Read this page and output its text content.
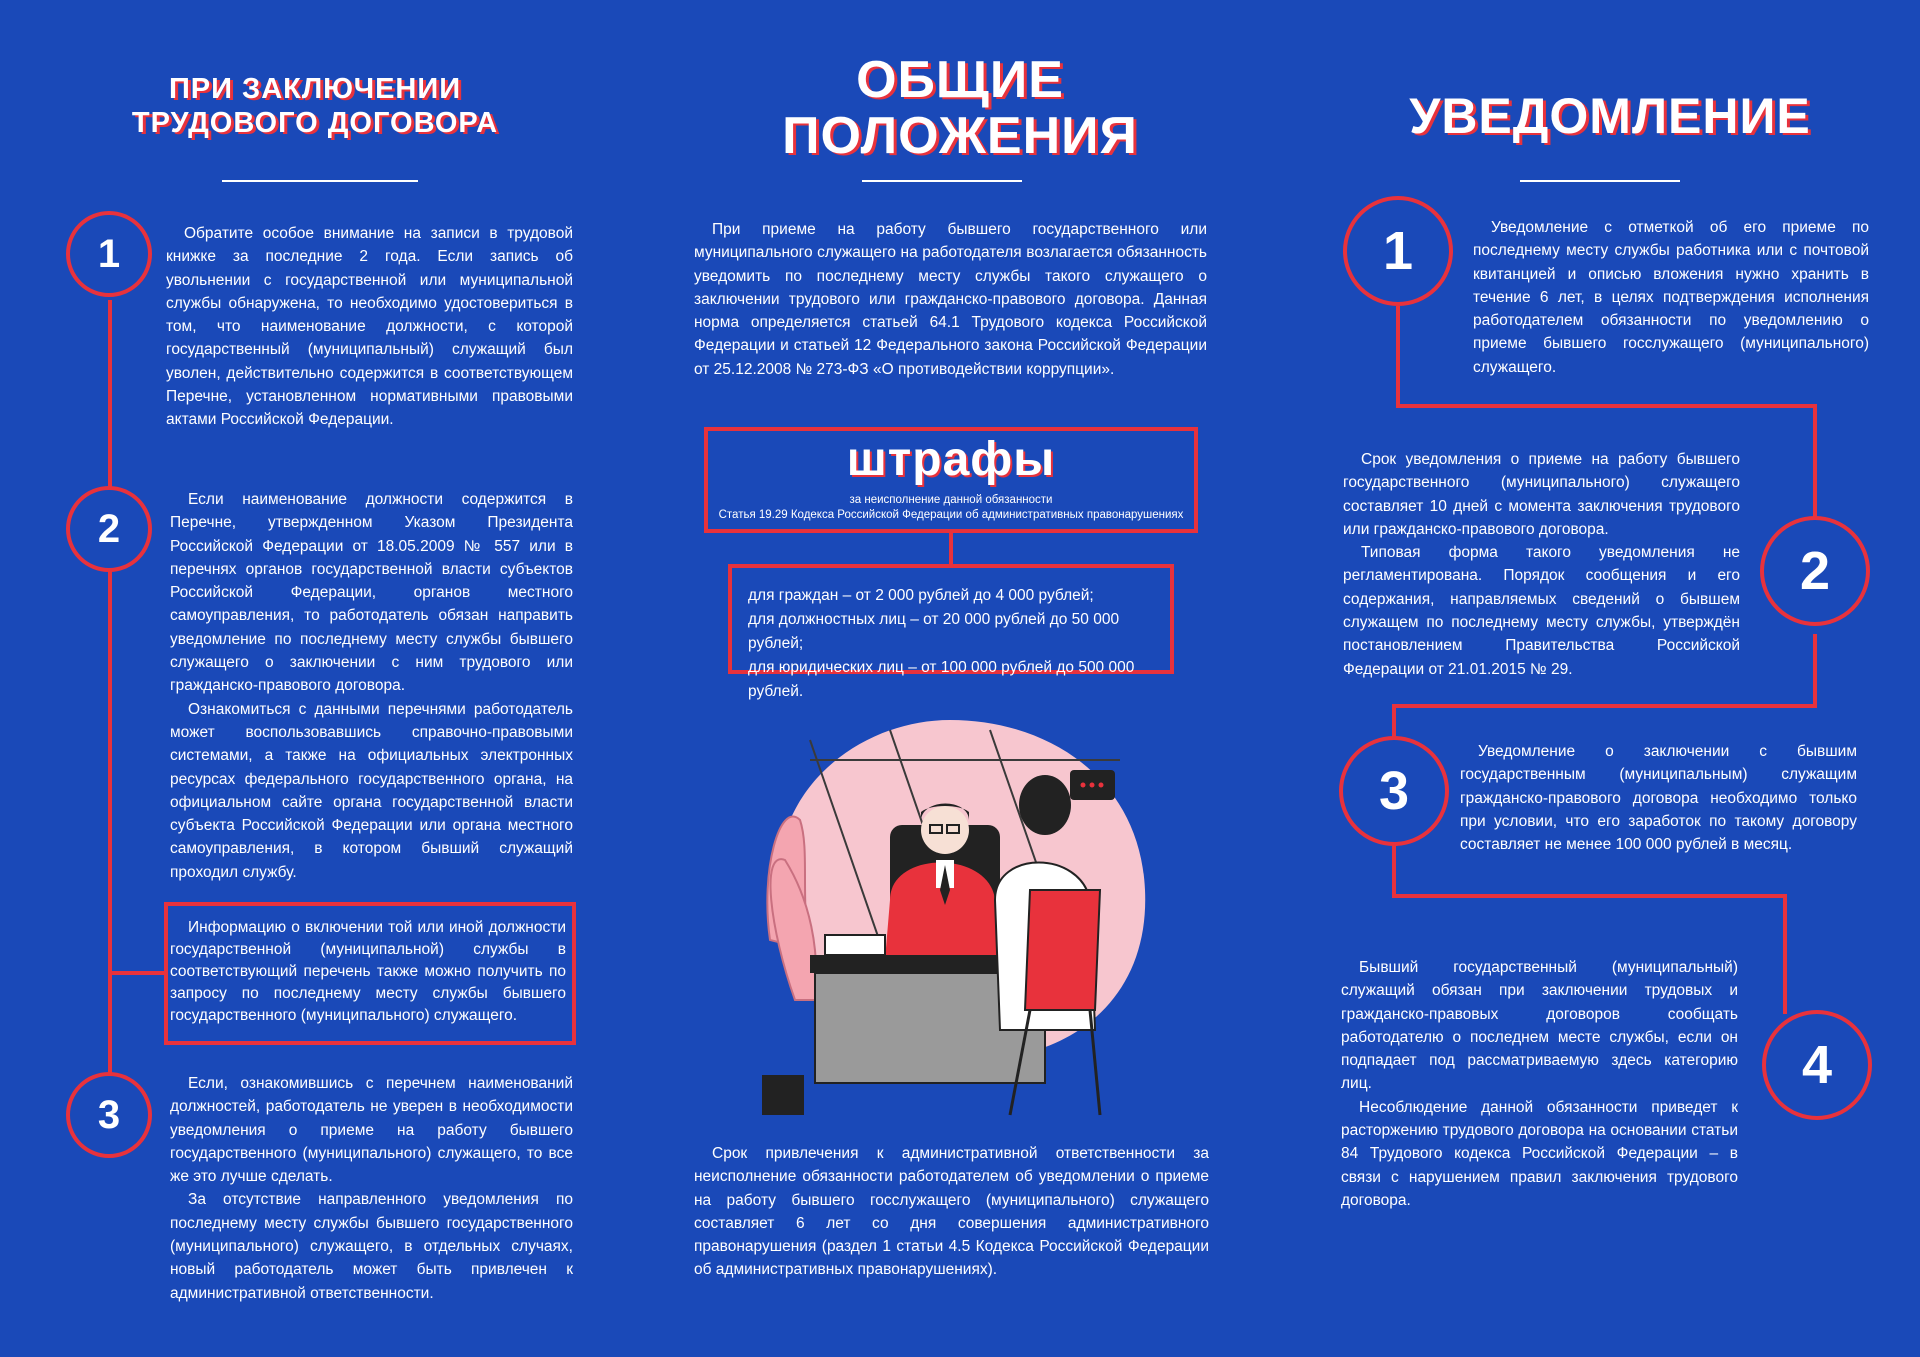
ПРИ ЗАКЛЮЧЕНИИ
ТРУДОВОГО ДОГОВОРА
1
2
3
Обратите особое внимание на записи в трудовой книжке за последние 2 года. Если запись об увольнении с государственной или муниципальной службы обнаружена, то необходимо удостовериться в том, что наименование должности, с которой государственный (муниципальный) служащий был уволен, действительно содержится в соответствующем Перечне, установленном нормативными правовыми актами Российской Федерации.

Если наименование должности содержится в Перечне, утвержденном Указом Президента Российской Федерации от 18.05.2009 № 557 или в перечнях органов государственной власти субъектов Российской Федерации, органов местного самоуправления, то работодатель обязан направить уведомление по последнему месту службы бывшего служащего о заключении с ним трудового или гражданско-правового договора.

Ознакомиться с данными перечнями работодатель может воспользовавшись справочно-правовыми системами, а также на официальных электронных ресурсах федерального государственного органа, на официальном сайте органа государственной власти субъекта Российской Федерации или органа местного самоуправления, в котором бывший служащий проходил службу.

Информацию о включении той или иной должности государственной (муниципальной) службы в соответствующий перечень также можно получить по запросу по последнему месту службы бывшего государственного (муниципального) служащего.

Если, ознакомившись с перечнем наименований должностей, работодатель не уверен в необходимости уведомления о приеме на работу бывшего государственного (муниципального) служащего, то все же это лучше сделать.

За отсутствие направленного уведомления по последнему месту службы бывшего государственного (муниципального) служащего, в отдельных случаях, новый работодатель может быть привлечен к административной ответственности.

ОБЩИЕ
ПОЛОЖЕНИЯ
При приеме на работу бывшего государственного или муниципального служащего на работодателя возлагается обязанность уведомить по последнему месту службы такого служащего о заключении трудового или гражданско-правового договора. Данная норма определяется статьей 64.1 Трудового кодекса Российской Федерации и статьей 12 Федерального закона Российской Федерации от 25.12.2008 № 273-ФЗ «О противодействии коррупции».

штрафы

за неисполнение данной обязанности

Статья 19.29 Кодекса Российской Федерации об административных правонарушениях

для граждан – от 2 000 рублей до 4 000 рублей;
для должностных лиц – от 20 000 рублей до 50 000 рублей;
для юридических лиц – от 100 000 рублей до 500 000 рублей.
Срок привлечения к административной ответственности за неисполнение обязанности работодателем об уведомлении о приеме на работу бывшего госслужащего (муниципального) служащего составляет 6 лет со дня совершения административного правонарушения (раздел 1 статьи 4.5 Кодекса Российской Федерации об административных правонарушениях).
УВЕДОМЛЕНИЕ
1
2
3
4
Уведомление с отметкой об его приеме по последнему месту службы работника или с почтовой квитанцией и описью вложения нужно хранить в течение 6 лет, в целях подтверждения исполнения работодателем обязанности по уведомлению о приеме бывшего госслужащего (муниципального) служащего.

Срок уведомления о приеме на работу бывшего государственного (муниципального) служащего составляет 10 дней с момента заключения трудового или гражданско-правового договора.

Типовая форма такого уведомления не регламентирована. Порядок сообщения и его содержания, направляемых сведений о бывшем служащем по последнему месту службы, утверждён постановлением Правительства Российской Федерации от 21.01.2015 № 29.

Уведомление о заключении с бывшим государственным (муниципальным) служащим гражданско-правового договора необходимо только при условии, что его заработок по такому договору составляет не менее 100 000 рублей в месяц.

Бывший государственный (муниципальный) служащий обязан при заключении трудовых и гражданско-правовых договоров сообщать работодателю о последнем месте службы, если он подпадает под рассматриваемую здесь категорию лиц.

Несоблюдение данной обязанности приведет к расторжению трудового договора на основании статьи 84 Трудового кодекса Российской Федерации – в связи с нарушением правил заключения трудового договора.
